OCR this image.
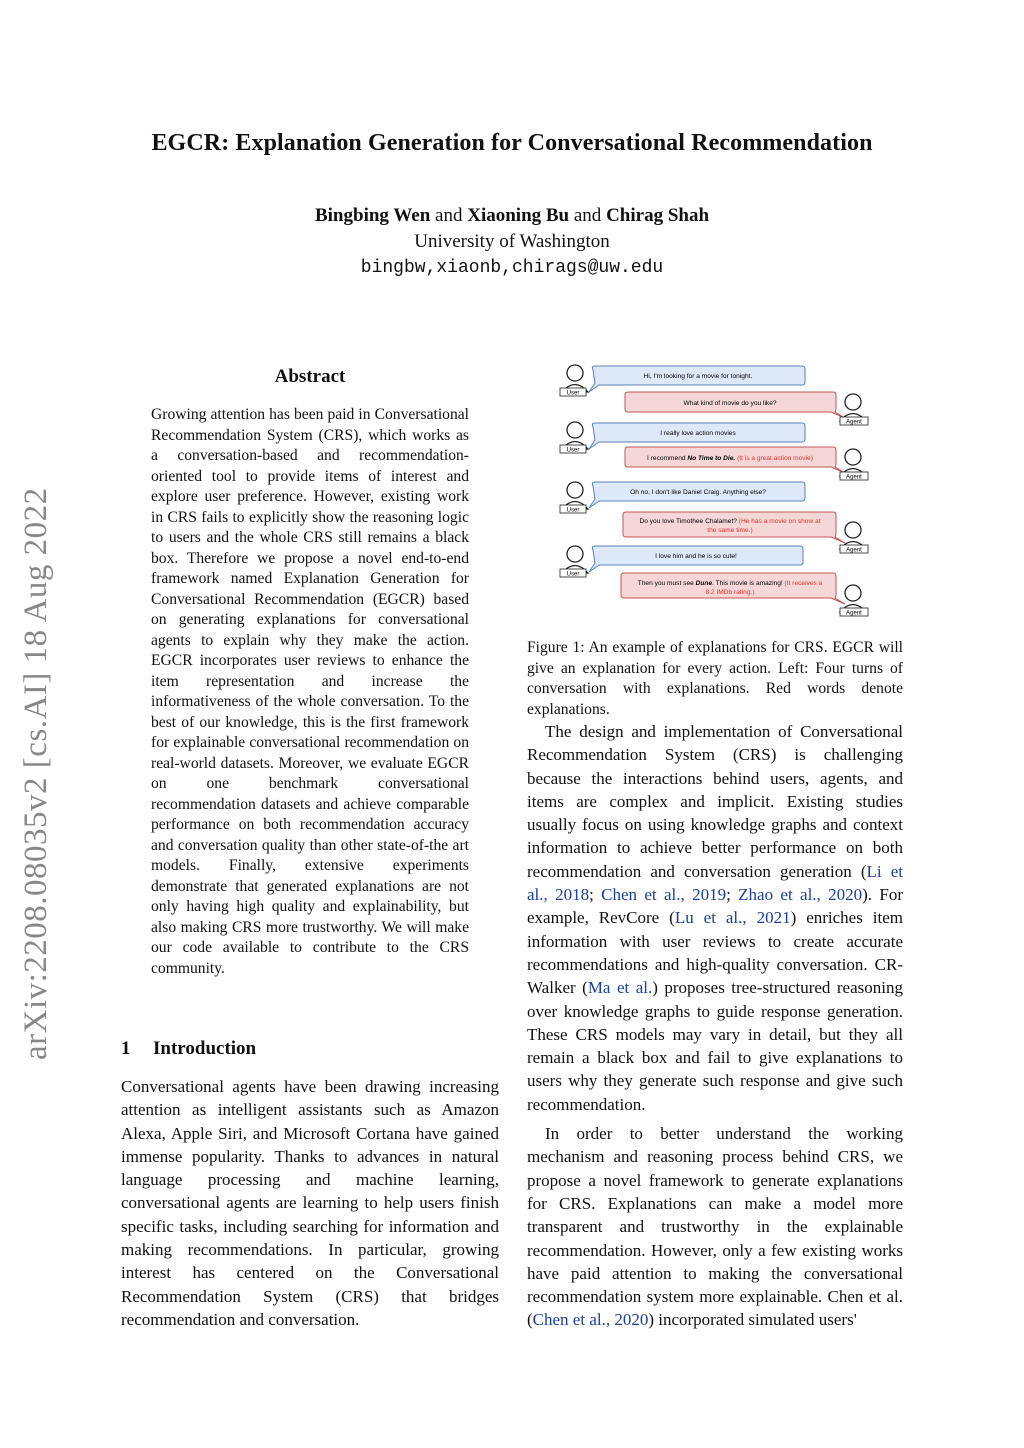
EGCR: Explanation Generation for Conversational Recommendation
Bingbing Wen and Xiaoning Bu and Chirag Shah
University of Washington
bingbw,xiaonb,chirags@uw.edu
arXiv:2208.08035v2 [cs.AI] 18 Aug 2022
Abstract
Growing attention has been paid in Conversational Recommendation System (CRS), which works as a conversation-based and recommendation-oriented tool to provide items of interest and explore user preference. However, existing work in CRS fails to explicitly show the reasoning logic to users and the whole CRS still remains a black box. Therefore we propose a novel end-to-end framework named Explanation Generation for Conversational Recommendation (EGCR) based on generating explanations for conversational agents to explain why they make the action. EGCR incorporates user reviews to enhance the item representation and increase the informativeness of the whole conversation. To the best of our knowledge, this is the first framework for explainable conversational recommendation on real-world datasets. Moreover, we evaluate EGCR on one benchmark conversational recommendation datasets and achieve comparable performance on both recommendation accuracy and conversation quality than other state-of-the art models. Finally, extensive experiments demonstrate that generated explanations are not only having high quality and explainability, but also making CRS more trustworthy. We will make our code available to contribute to the CRS community.
1 Introduction
Conversational agents have been drawing increasing attention as intelligent assistants such as Amazon Alexa, Apple Siri, and Microsoft Cortana have gained immense popularity. Thanks to advances in natural language processing and machine learning, conversational agents are learning to help users finish specific tasks, including searching for information and making recommendations. In particular, growing interest has centered on the Conversational Recommendation System (CRS) that bridges recommendation and conversation.
User
Hi, I'm looking for a movie for tonight.
What kind of movie do you like?
Agent
User
I really love action movies
I recommend No Time to Die. (It is a great action movie)
Agent
User
Oh no, I don't like Daniel Craig. Anything else?
Do you love Timothee Chalamet? (He has a movie on show at
the same time.)
Agent
User
I love him and he is so cute!
Then you must see Dune. This movie is amazing! (It receives a
8.2 IMDb rating.)
Agent
Figure 1: An example of explanations for CRS. EGCR will give an explanation for every action. Left: Four turns of conversation with explanations. Red words denote explanations.

The design and implementation of Conversational Recommendation System (CRS) is challenging because the interactions behind users, agents, and items are complex and implicit. Existing studies usually focus on using knowledge graphs and context information to achieve better performance on both recommendation and conversation generation (Li et al., 2018; Chen et al., 2019; Zhao et al., 2020). For example, RevCore (Lu et al., 2021) enriches item information with user reviews to create accurate recommendations and high-quality conversation. CR-Walker (Ma et al.) proposes tree-structured reasoning over knowledge graphs to guide response generation. These CRS models may vary in detail, but they all remain a black box and fail to give explanations to users why they generate such response and give such recommendation.

In order to better understand the working mechanism and reasoning process behind CRS, we propose a novel framework to generate explanations for CRS. Explanations can make a model more transparent and trustworthy in the explainable recommendation. However, only a few existing works have paid attention to making the conversational recommendation system more explainable. Chen et al. (Chen et al., 2020) incorporated simulated users'
